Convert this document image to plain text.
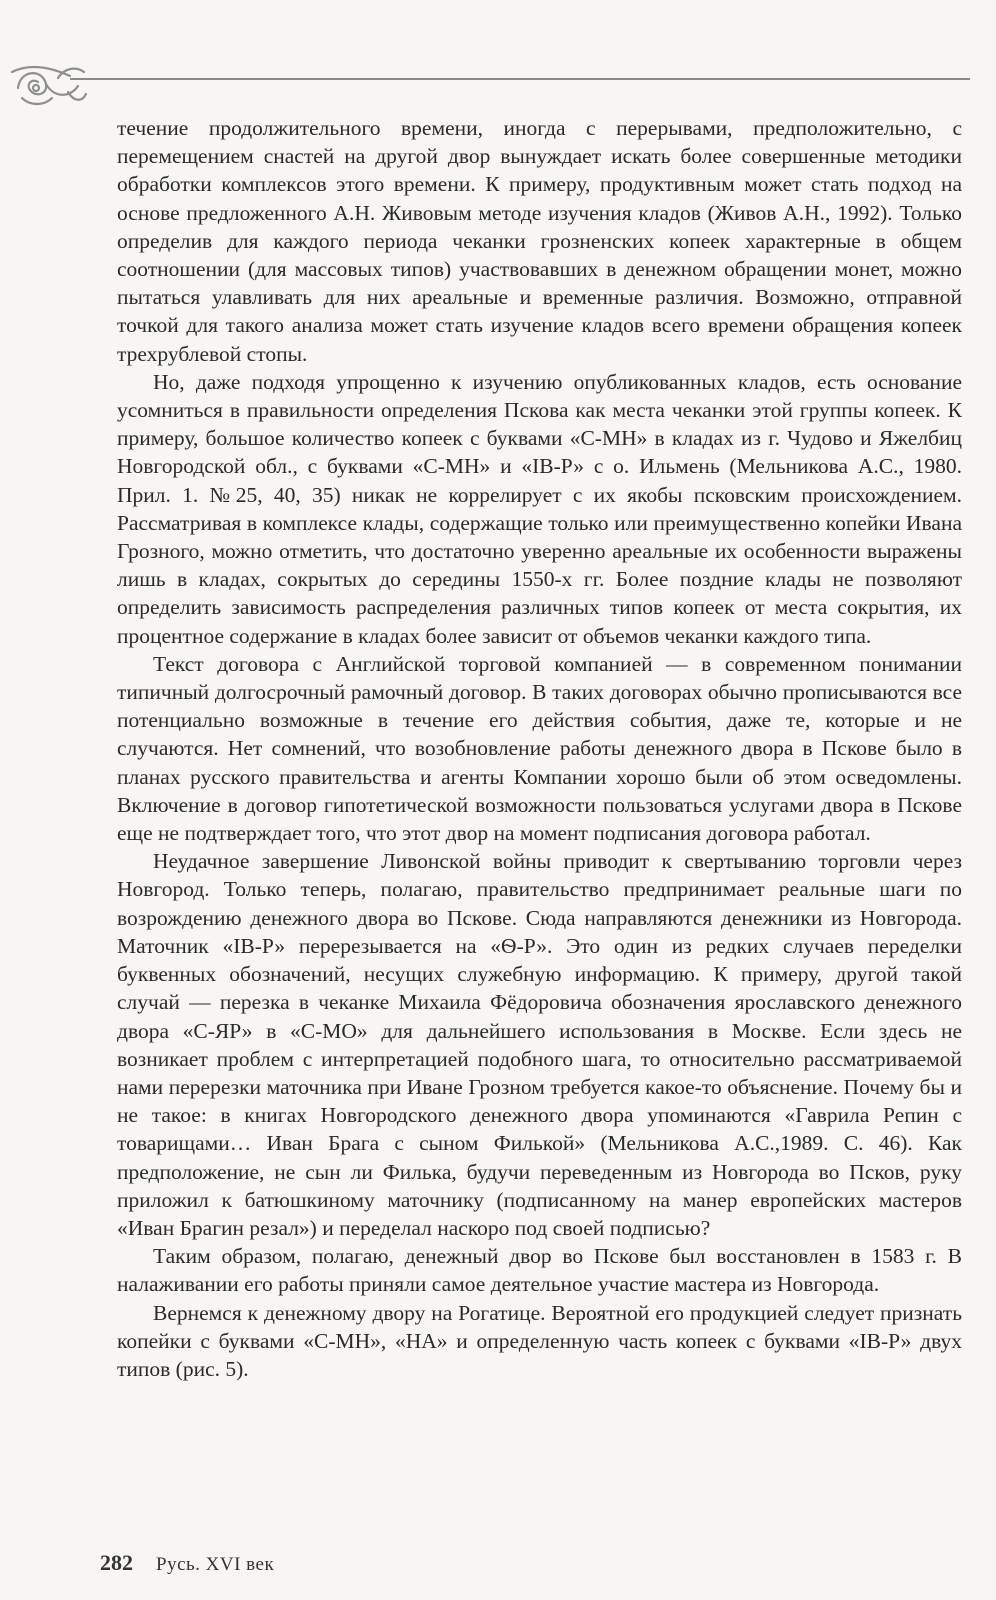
течение продолжительного времени, иногда с перерывами, предположительно, с перемещением снастей на другой двор вынуждает искать более совершенные методики обработки комплексов этого времени. К примеру, продуктивным может стать подход на основе предложенного А.Н. Живовым методе изучения кладов (Живов А.Н., 1992). Только определив для каждого периода чеканки грозненских копеек характерные в общем соотношении (для массовых типов) участвовавших в денежном обращении монет, можно пытаться улавливать для них ареальные и временные различия. Возможно, отправной точкой для такого анализа может стать изучение кладов всего времени обращения копеек трехрублевой стопы.

Но, даже подходя упрощенно к изучению опубликованных кладов, есть основание усомниться в правильности определения Пскова как места чеканки этой группы копеек. К примеру, большое количество копеек с буквами «С-МН» в кладах из г. Чудово и Яжелбиц Новгородской обл., с буквами «С-МН» и «ІВ-Р» с о. Ильмень (Мельникова А.С., 1980. Прил. 1. №25, 40, 35) никак не коррелирует с их якобы псковским происхождением. Рассматривая в комплексе клады, содержащие только или преимущественно копейки Ивана Грозного, можно отметить, что достаточно уверенно ареальные их особенности выражены лишь в кладах, сокрытых до середины 1550-х гг. Более поздние клады не позволяют определить зависимость распределения различных типов копеек от места сокрытия, их процентное содержание в кладах более зависит от объемов чеканки каждого типа.

Текст договора с Английской торговой компанией — в современном понимании типичный долгосрочный рамочный договор. В таких договорах обычно прописываются все потенциально возможные в течение его действия события, даже те, которые и не случаются. Нет сомнений, что возобновление работы денежного двора в Пскове было в планах русского правительства и агенты Компании хорошо были об этом осведомлены. Включение в договор гипотетической возможности пользоваться услугами двора в Пскове еще не подтверждает того, что этот двор на момент подписания договора работал.

Неудачное завершение Ливонской войны приводит к свертыванию торговли через Новгород. Только теперь, полагаю, правительство предпринимает реальные шаги по возрождению денежного двора во Пскове. Сюда направляются денежники из Новгорода. Маточник «ІВ-Р» перерезывается на «Ѳ-Р». Это один из редких случаев переделки буквенных обозначений, несущих служебную информацию. К примеру, другой такой случай — перезка в чеканке Михаила Фёдоровича обозначения ярославского денежного двора «С-ЯР» в «С-МО» для дальнейшего использования в Москве. Если здесь не возникает проблем с интерпретацией подобного шага, то относительно рассматриваемой нами перерезки маточника при Иване Грозном требуется какое-то объяснение. Почему бы и не такое: в книгах Новгородского денежного двора упоминаются «Гаврила Репин с товарищами… Иван Брага с сыном Филькой» (Мельникова А.С.,1989. С. 46). Как предположение, не сын ли Филька, будучи переведенным из Новгорода во Псков, руку приложил к батюшкиному маточнику (подписанному на манер европейских мастеров «Иван Брагин резал») и переделал наскоро под своей подписью?

Таким образом, полагаю, денежный двор во Пскове был восстановлен в 1583 г. В налаживании его работы приняли самое деятельное участие мастера из Новгорода.

Вернемся к денежному двору на Рогатице. Вероятной его продукцией следует признать копейки с буквами «С-МН», «НА» и определенную часть копеек с буквами «ІВ-Р» двух типов (рис. 5).

282 Русь. XVI век
